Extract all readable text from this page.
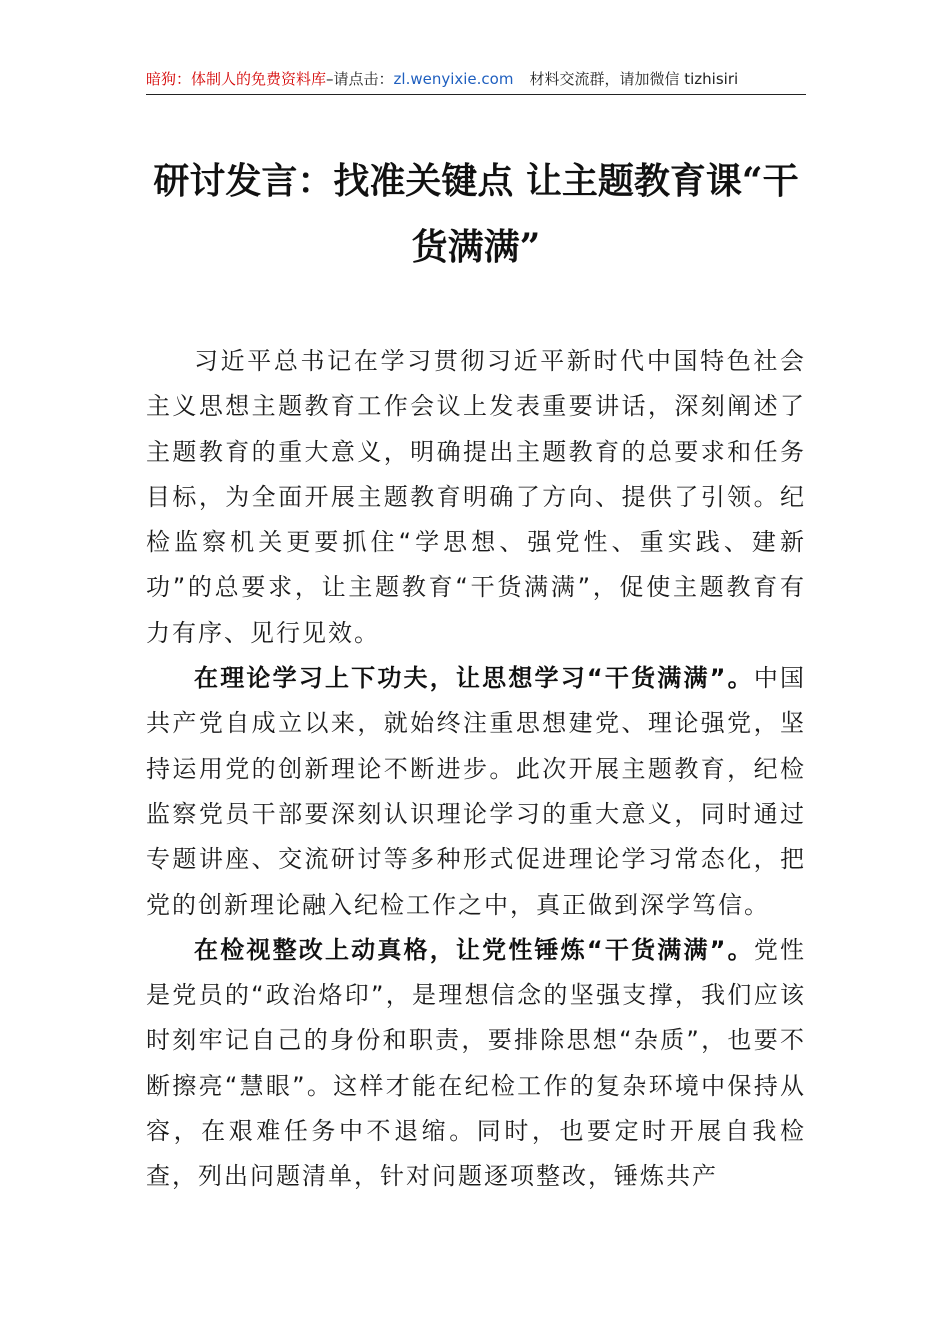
暗狗：体制人的免费资料库–请点击：zl.wenyixie.com 材料交流群，请加微信 tizhisiri
研讨发言：找准关键点 让主题教育课“干货满满”

习近平总书记在学习贯彻习近平新时代中国特色社会主义思想主题教育工作会议上发表重要讲话，深刻阐述了主题教育的重大意义，明确提出主题教育的总要求和任务目标，为全面开展主题教育明确了方向、提供了引领。纪检监察机关更要抓住“学思想、强党性、重实践、建新功”的总要求，让主题教育“干货满满”，促使主题教育有力有序、见行见效。

在理论学习上下功夫，让思想学习“干货满满”。中国共产党自成立以来，就始终注重思想建党、理论强党，坚持运用党的创新理论不断进步。此次开展主题教育，纪检监察党员干部要深刻认识理论学习的重大意义，同时通过专题讲座、交流研讨等多种形式促进理论学习常态化，把党的创新理论融入纪检工作之中，真正做到深学笃信。

在检视整改上动真格，让党性锤炼“干货满满”。党性是党员的“政治烙印”，是理想信念的坚强支撑，我们应该时刻牢记自己的身份和职责，要排除思想“杂质”，也要不断擦亮“慧眼”。这样才能在纪检工作的复杂环境中保持从容，在艰难任务中不退缩。同时，也要定时开展自我检查，列出问题清单，针对问题逐项整改，锤炼共产
